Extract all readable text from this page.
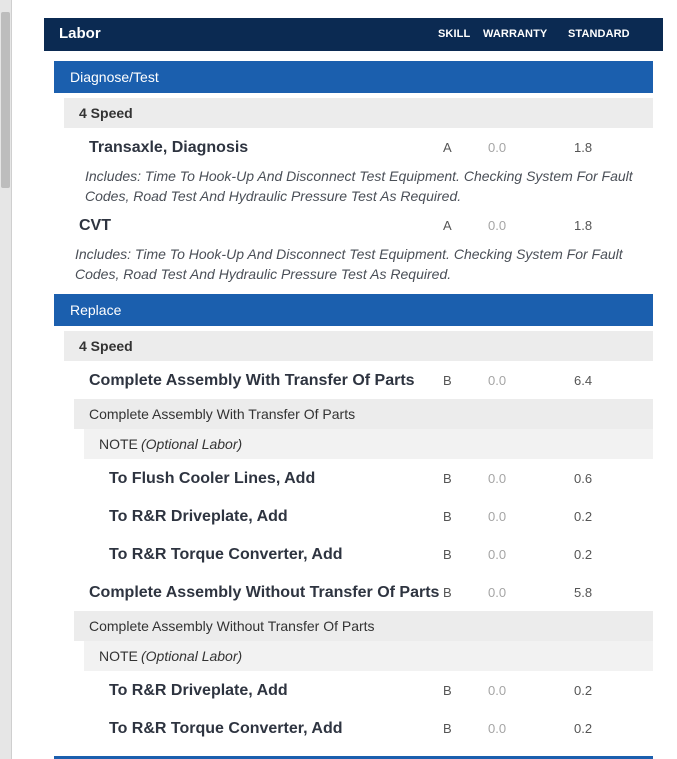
Labor	SKILL WARRANTY STANDARD
Diagnose/Test
4 Speed
Transaxle, Diagnosis	A	0.0	1.8
Includes: Time To Hook-Up And Disconnect Test Equipment. Checking System For Fault
Codes, Road Test And Hydraulic Pressure Test As Required.
CVT	A	0.0	1.8
Includes: Time To Hook-Up And Disconnect Test Equipment. Checking System For Fault
Codes, Road Test And Hydraulic Pressure Test As Required.
Replace
4 Speed
Complete Assembly With Transfer Of Parts B	0.0	6.4
Complete Assembly With Transfer Of Parts
NOTE (Optional Labor)
To Flush Cooler Lines, Add	B	0.0	0.6
To R&R Driveplate, Add	B	0.0	0.2
To R&R Torque Converter, Add	B	0.0	0.2
Complete Assembly Without Transfer Of Parts B	0.0	5.8
Complete Assembly Without Transfer Of Parts
NOTE (Optional Labor)
To R&R Driveplate, Add	B	0.0	0.2
To R&R Torque Converter, Add	B	0.0	0.2
